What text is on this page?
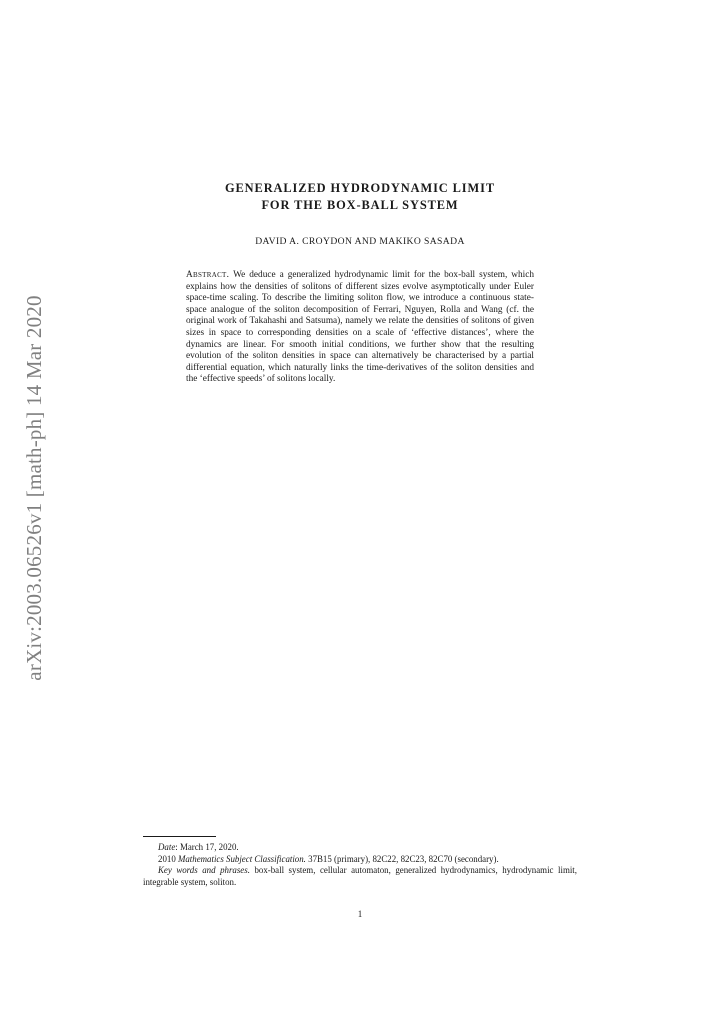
arXiv:2003.06526v1 [math-ph] 14 Mar 2020
GENERALIZED HYDRODYNAMIC LIMIT
FOR THE BOX-BALL SYSTEM
DAVID A. CROYDON AND MAKIKO SASADA
Abstract. We deduce a generalized hydrodynamic limit for the box-ball system, which explains how the densities of solitons of different sizes evolve asymptotically under Euler space-time scaling. To describe the limiting soliton flow, we introduce a continuous state-space analogue of the soliton decomposition of Ferrari, Nguyen, Rolla and Wang (cf. the original work of Takahashi and Satsuma), namely we relate the densities of solitons of given sizes in space to corresponding densities on a scale of ‘effective distances’, where the dynamics are linear. For smooth initial conditions, we further show that the resulting evolution of the soliton densities in space can alternatively be characterised by a partial differential equation, which naturally links the time-derivatives of the soliton densities and the ‘effective speeds’ of solitons locally.

Date: March 17, 2020.

2010 Mathematics Subject Classification. 37B15 (primary), 82C22, 82C23, 82C70 (secondary).

Key words and phrases. box-ball system, cellular automaton, generalized hydrodynamics, hydrodynamic limit, integrable system, soliton.

1
